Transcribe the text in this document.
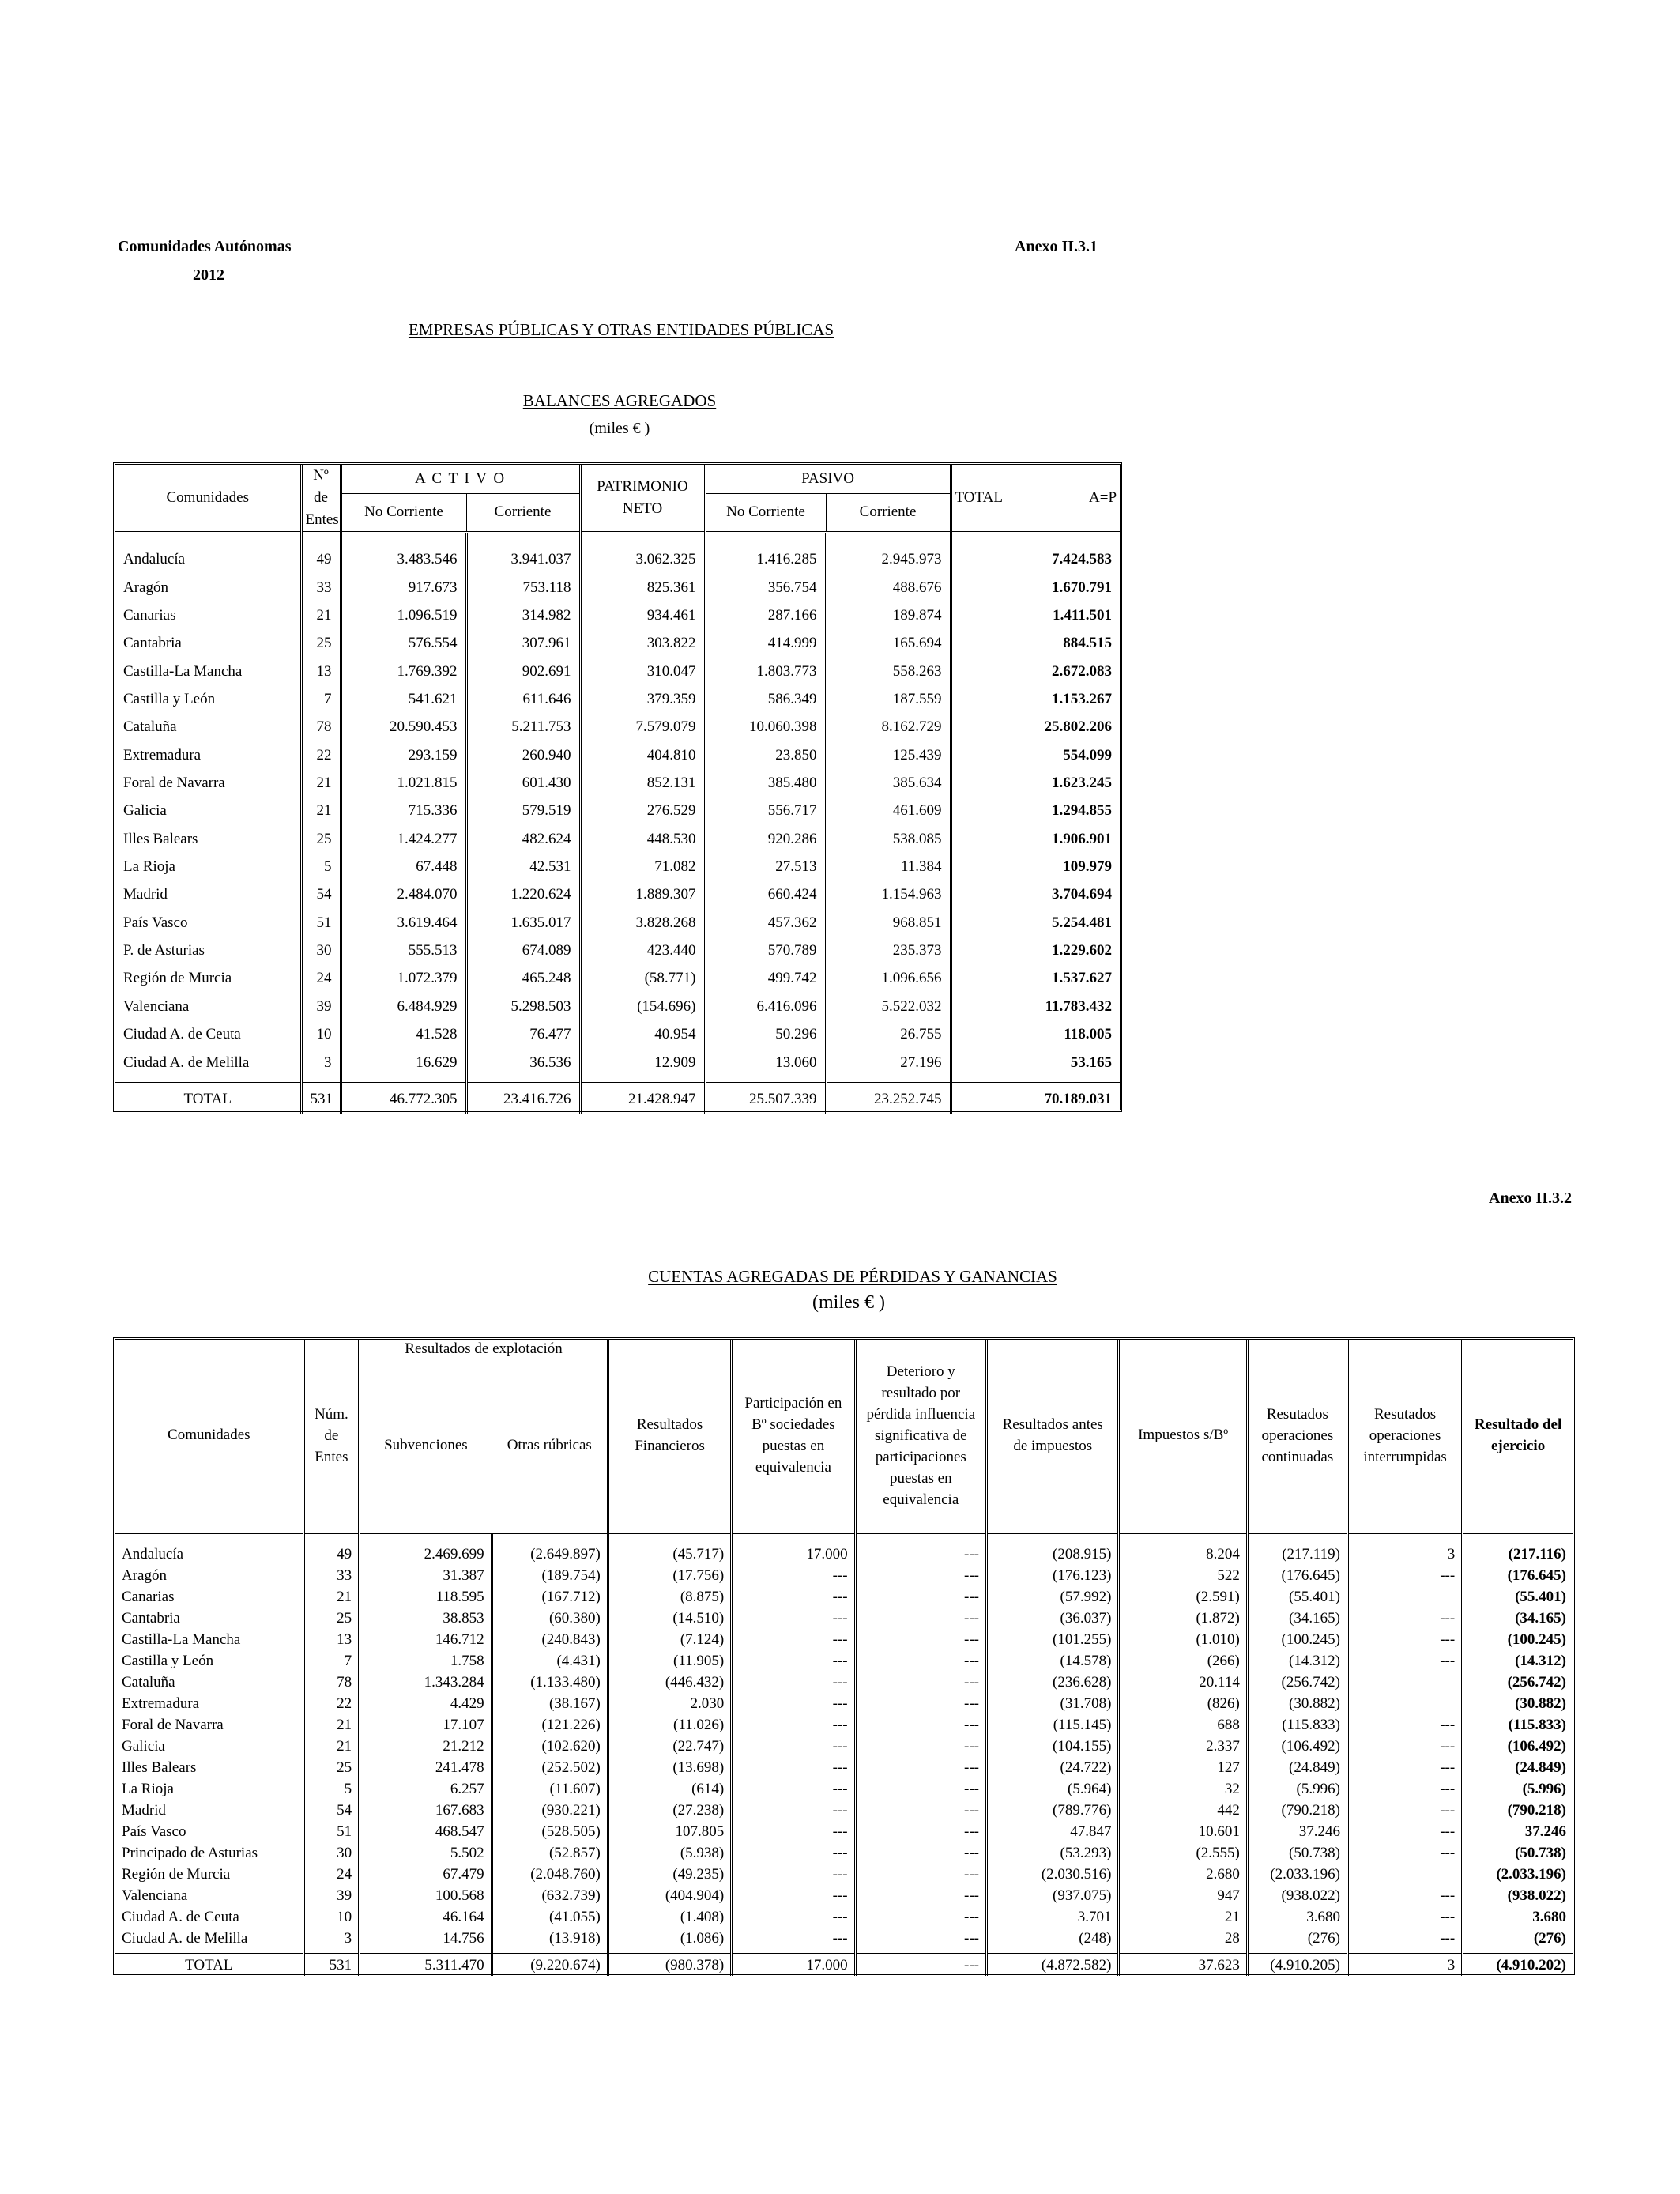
Comunidades Autónomas
2012
Anexo II.3.1
EMPRESAS PÚBLICAS Y OTRAS ENTIDADES PÚBLICAS
BALANCES AGREGADOS
(miles € )
Comunidades	Nº de Entes	A C T I V O		PATRIMONIO NETO	PASIVO		TOTAL A=P

		No Corriente	Corriente		No Corriente	Corriente	

Andalucía	49	3.483.546	3.941.037	3.062.325	1.416.285	2.945.973	7.424.583
Aragón	33	917.673	753.118	825.361	356.754	488.676	1.670.791
Canarias	21	1.096.519	314.982	934.461	287.166	189.874	1.411.501
Cantabria	25	576.554	307.961	303.822	414.999	165.694	884.515
Castilla-La Mancha	13	1.769.392	902.691	310.047	1.803.773	558.263	2.672.083
Castilla y León	7	541.621	611.646	379.359	586.349	187.559	1.153.267
Cataluña	78	20.590.453	5.211.753	7.579.079	10.060.398	8.162.729	25.802.206
Extremadura	22	293.159	260.940	404.810	23.850	125.439	554.099
Foral de Navarra	21	1.021.815	601.430	852.131	385.480	385.634	1.623.245
Galicia	21	715.336	579.519	276.529	556.717	461.609	1.294.855
Illes Balears	25	1.424.277	482.624	448.530	920.286	538.085	1.906.901
La Rioja	5	67.448	42.531	71.082	27.513	11.384	109.979
Madrid	54	2.484.070	1.220.624	1.889.307	660.424	1.154.963	3.704.694
País Vasco	51	3.619.464	1.635.017	3.828.268	457.362	968.851	5.254.481
P. de Asturias	30	555.513	674.089	423.440	570.789	235.373	1.229.602
Región de Murcia	24	1.072.379	465.248	(58.771)	499.742	1.096.656	1.537.627
Valenciana	39	6.484.929	5.298.503	(154.696)	6.416.096	5.522.032	11.783.432
Ciudad A. de Ceuta	10	41.528	76.477	40.954	50.296	26.755	118.005
Ciudad A. de Melilla	3	16.629	36.536	12.909	13.060	27.196	53.165

TOTAL	531	46.772.305	23.416.726	21.428.947	25.507.339	23.252.745	70.189.031
Anexo II.3.2
CUENTAS AGREGADAS DE PÉRDIDAS Y GANANCIAS
(miles € )
Comunidades	Núm. de Entes	Resultados de explotación		Resultados Financieros	Participación en Bº sociedades puestas en equivalencia	Deterioro y resultado por pérdida influencia significativa de participaciones puestas en equivalencia	Resultados antes de impuestos	Impuestos s/Bº	Resutados operaciones continuadas	Resutados operaciones interrumpidas	Resultado del ejercicio
		Subvenciones	Otras rúbricas								

Andalucía	49	2.469.699	(2.649.897)	(45.717)	17.000	---	(208.915)	8.204	(217.119)	3	(217.116)
Aragón	33	31.387	(189.754)	(17.756)	---	---	(176.123)	522	(176.645)	---	(176.645)
Canarias	21	118.595	(167.712)	(8.875)	---	---	(57.992)	(2.591)	(55.401)		(55.401)
Cantabria	25	38.853	(60.380)	(14.510)	---	---	(36.037)	(1.872)	(34.165)	---	(34.165)
Castilla-La Mancha	13	146.712	(240.843)	(7.124)	---	---	(101.255)	(1.010)	(100.245)	---	(100.245)
Castilla y León	7	1.758	(4.431)	(11.905)	---	---	(14.578)	(266)	(14.312)	---	(14.312)
Cataluña	78	1.343.284	(1.133.480)	(446.432)	---	---	(236.628)	20.114	(256.742)		(256.742)
Extremadura	22	4.429	(38.167)	2.030	---	---	(31.708)	(826)	(30.882)		(30.882)
Foral de Navarra	21	17.107	(121.226)	(11.026)	---	---	(115.145)	688	(115.833)	---	(115.833)
Galicia	21	21.212	(102.620)	(22.747)	---	---	(104.155)	2.337	(106.492)	---	(106.492)
Illes Balears	25	241.478	(252.502)	(13.698)	---	---	(24.722)	127	(24.849)	---	(24.849)
La Rioja	5	6.257	(11.607)	(614)	---	---	(5.964)	32	(5.996)	---	(5.996)
Madrid	54	167.683	(930.221)	(27.238)	---	---	(789.776)	442	(790.218)	---	(790.218)
País Vasco	51	468.547	(528.505)	107.805	---	---	47.847	10.601	37.246	---	37.246
Principado de Asturias	30	5.502	(52.857)	(5.938)	---	---	(53.293)	(2.555)	(50.738)	---	(50.738)
Región de Murcia	24	67.479	(2.048.760)	(49.235)	---	---	(2.030.516)	2.680	(2.033.196)		(2.033.196)
Valenciana	39	100.568	(632.739)	(404.904)	---	---	(937.075)	947	(938.022)	---	(938.022)
Ciudad A. de Ceuta	10	46.164	(41.055)	(1.408)	---	---	3.701	21	3.680	---	3.680
Ciudad A. de Melilla	3	14.756	(13.918)	(1.086)	---	---	(248)	28	(276)	---	(276)

TOTAL	531	5.311.470	(9.220.674)	(980.378)	17.000	---	(4.872.582)	37.623	(4.910.205)	3	(4.910.202)
